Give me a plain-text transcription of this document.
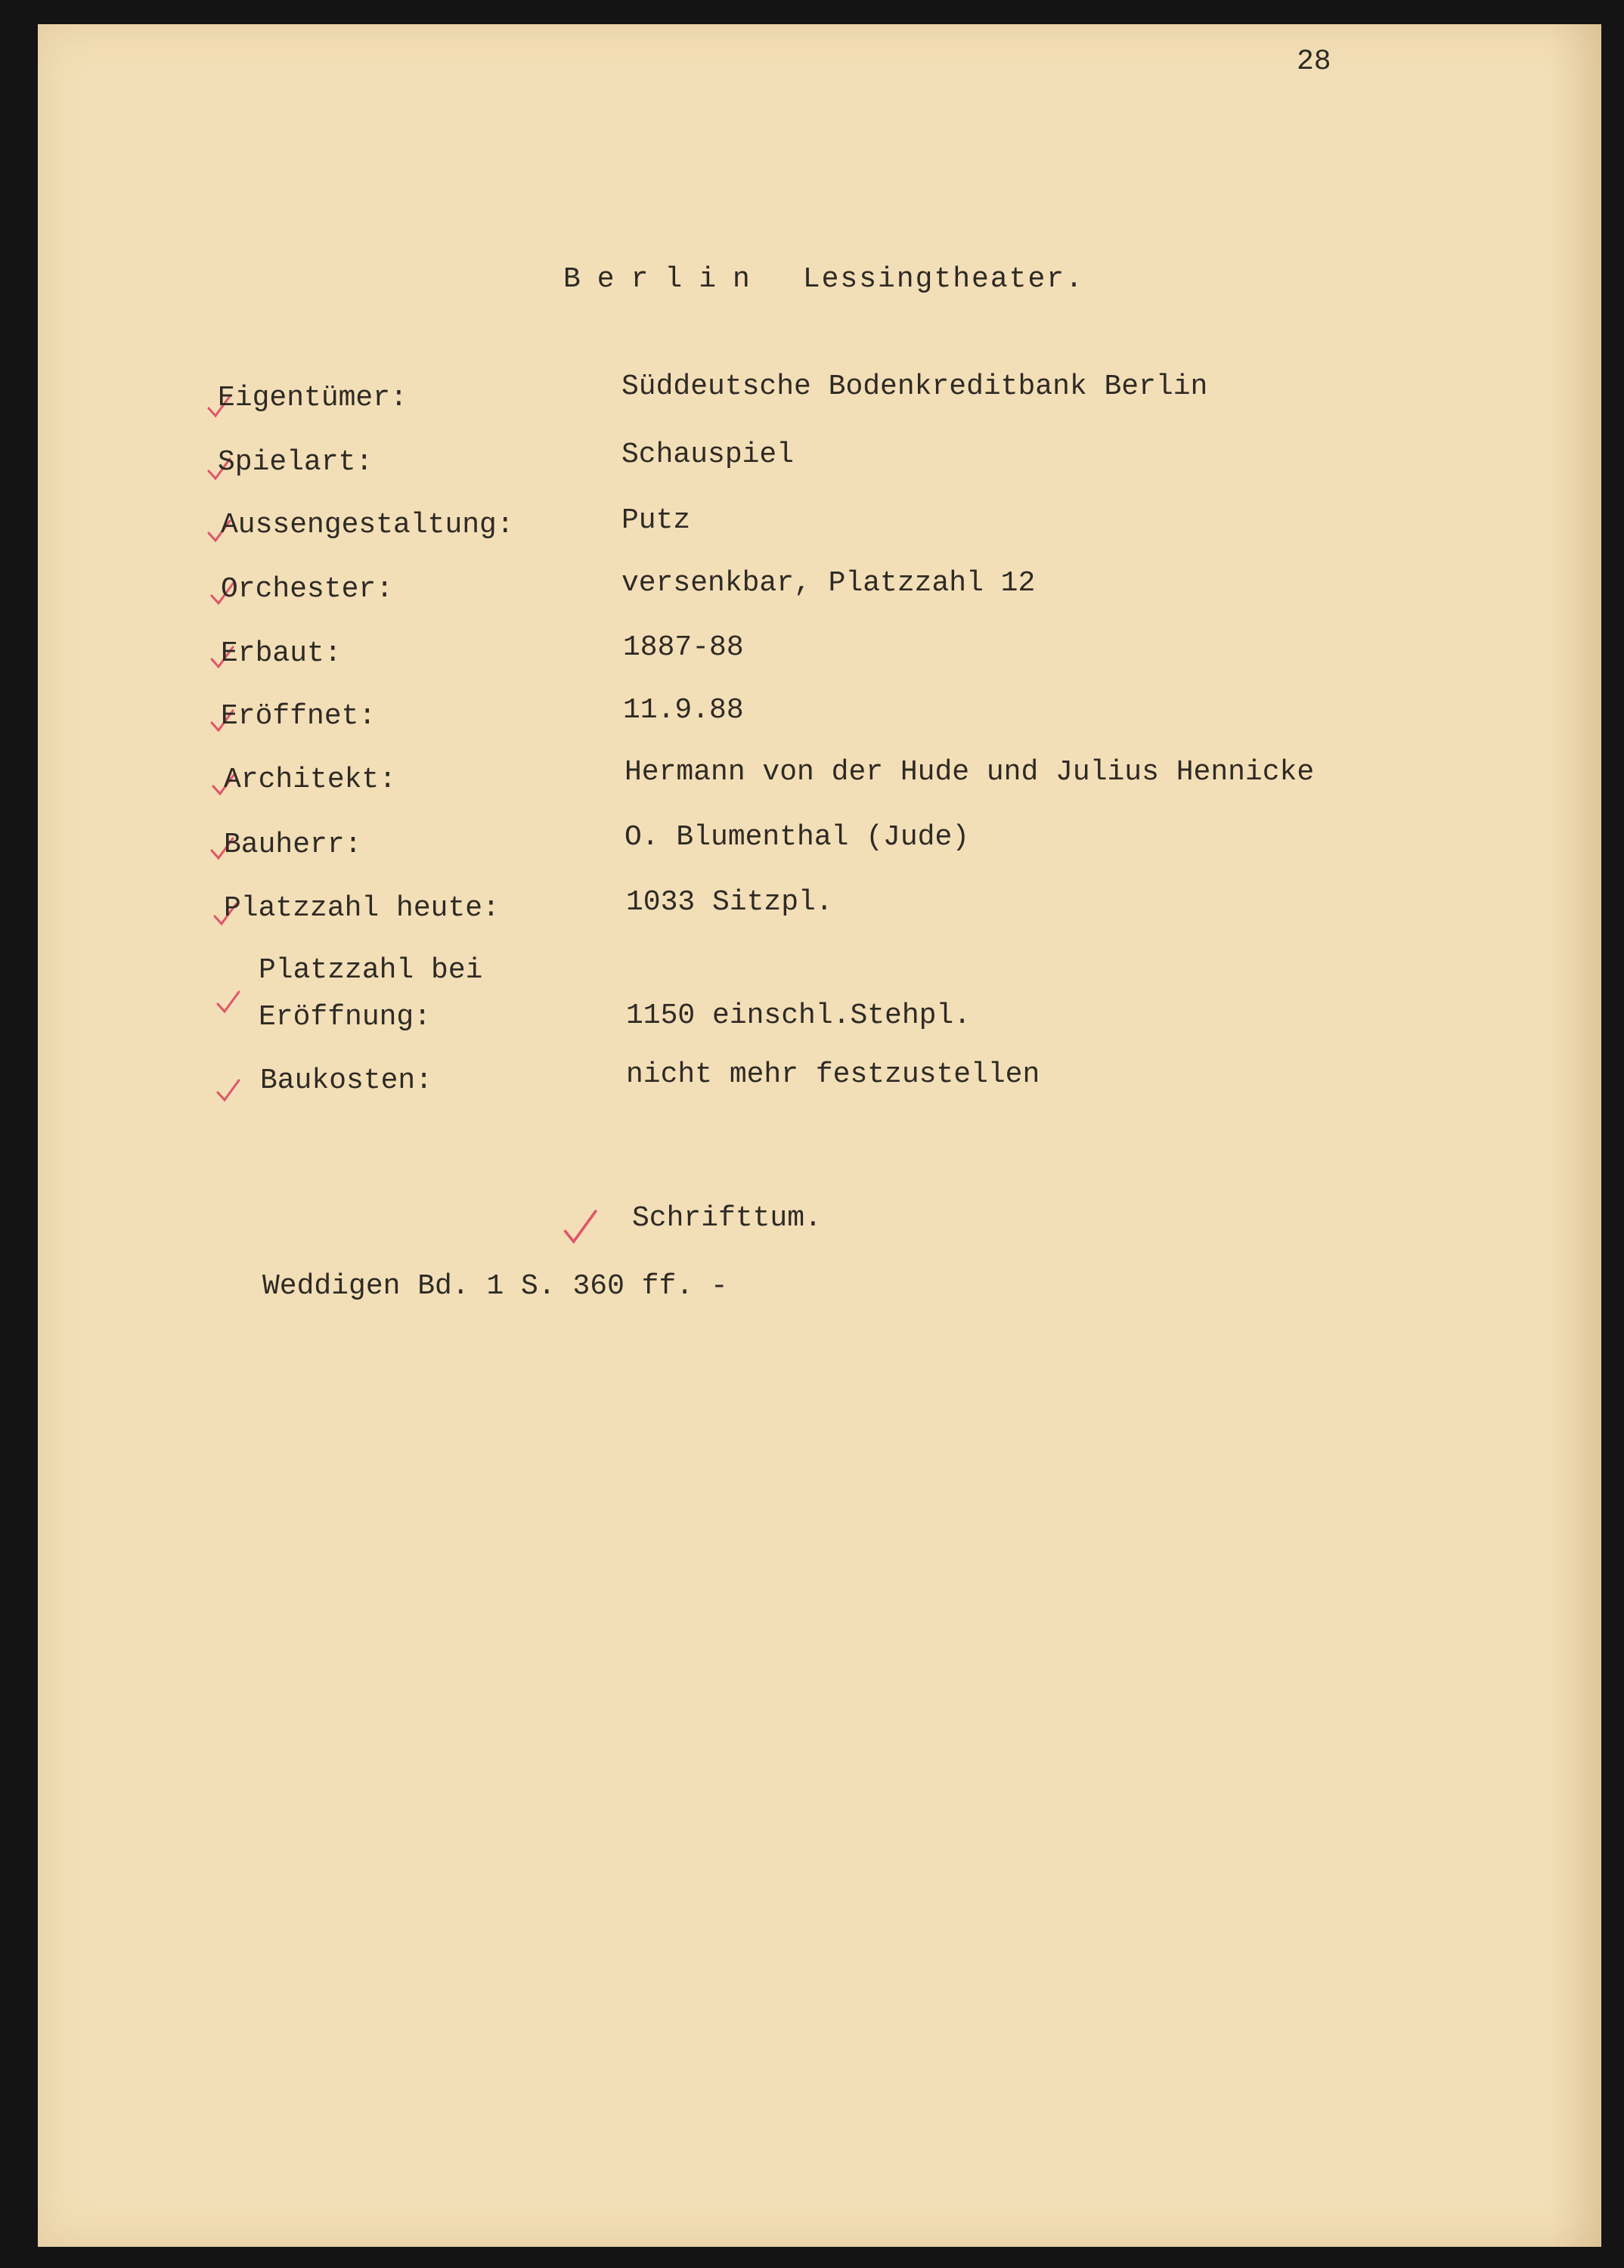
28
Berlin Lessingtheater.
Eigentümer:	Süddeutsche Bodenkreditbank Berlin
Spielart:	Schauspiel
Aussengestaltung:	Putz
Orchester:	versenkbar, Platzzahl 12
Erbaut:	1887-88
Eröffnet:	11.9.88
Architekt:	Hermann von der Hude und Julius Hennicke
Bauherr:	O. Blumenthal (Jude)
Platzzahl heute:	1033 Sitzpl.
Platzzahl bei
Eröffnung:	1150 einschl.Stehpl.
Baukosten:	nicht mehr festzustellen
Schrifttum.
Weddigen Bd. 1 S. 360 ff. -
